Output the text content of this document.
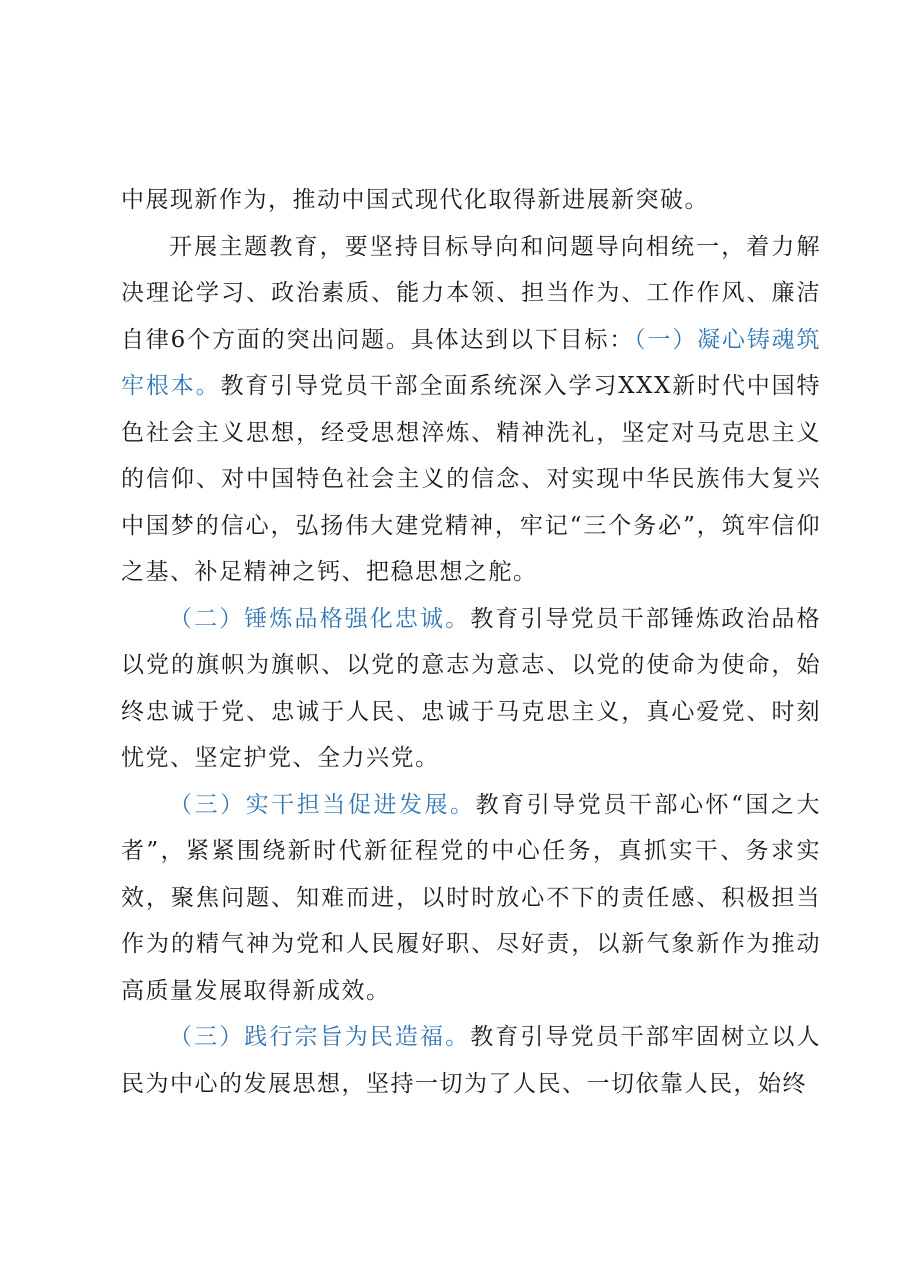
中展现新作为，推动中国式现代化取得新进展新突破。

开展主题教育，要坚持目标导向和问题导向相统一，着力解决理论学习、政治素质、能力本领、担当作为、工作作风、廉洁自律6个方面的突出问题。具体达到以下目标：（一）凝心铸魂筑牢根本。教育引导党员干部全面系统深入学习XXX新时代中国特色社会主义思想，经受思想淬炼、精神洗礼，坚定对马克思主义的信仰、对中国特色社会主义的信念、对实现中华民族伟大复兴中国梦的信心，弘扬伟大建党精神，牢记“三个务必”，筑牢信仰之基、补足精神之钙、把稳思想之舵。

（二）锤炼品格强化忠诚。教育引导党员干部锤炼政治品格以党的旗帜为旗帜、以党的意志为意志、以党的使命为使命，始终忠诚于党、忠诚于人民、忠诚于马克思主义，真心爱党、时刻忧党、坚定护党、全力兴党。

（三）实干担当促进发展。教育引导党员干部心怀“国之大者”，紧紧围绕新时代新征程党的中心任务，真抓实干、务求实效，聚焦问题、知难而进，以时时放心不下的责任感、积极担当作为的精气神为党和人民履好职、尽好责，以新气象新作为推动高质量发展取得新成效。

（三）践行宗旨为民造福。教育引导党员干部牢固树立以人民为中心的发展思想，坚持一切为了人民、一切依靠人民，始终
